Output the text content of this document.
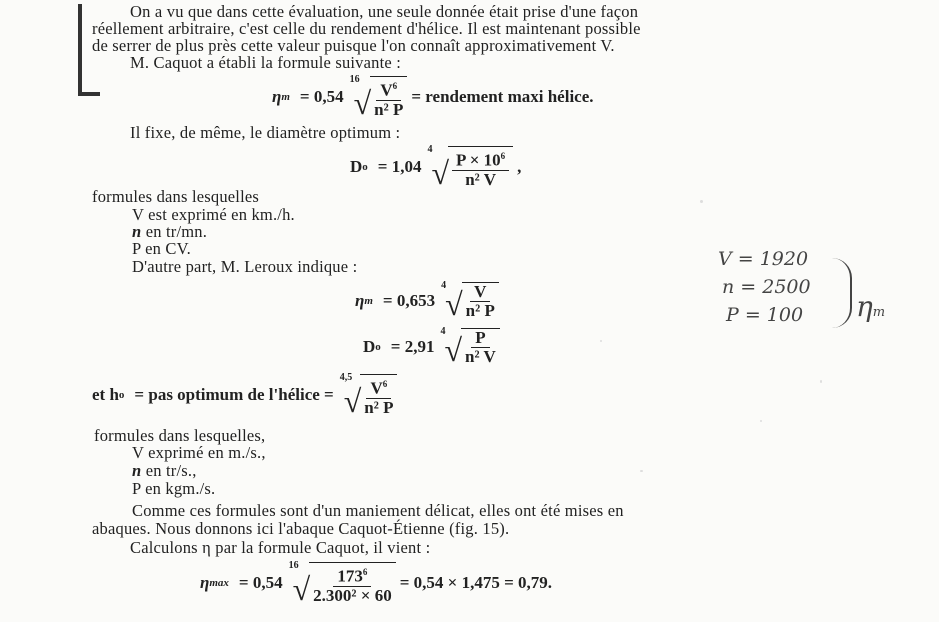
On a vu que dans cette évaluation, une seule donnée était prise d'une façon
réellement arbitraire, c'est celle du rendement d'hélice. Il est maintenant possible
de serrer de plus près cette valeur puisque l'on connaît approximativement V.
M. Caquot a établi la formule suivante :
η m = 0,54
16
√ $\frac{V^6}{\text{n² P}}$ = rendement maxi hélice.
Il fixe, de même, le diamètre optimum :
D o = 1,04
4
√ $\frac{P \times 10^6}{\text{n² V}}$ ,
formules dans lesquelles
V est exprimé en km./h.
n en tr/mn.
P en CV.
D'autre part, M. Leroux indique :
η m = 0,653
4
√ $\frac{V}{\text{n² P}}$
D o = 2,91
4
√ $\frac{P}{\text{n² V}}$
et h o = pas optimum de l'hélice =
4,5
√ $\frac{V^6}{\text{n² P}}$
formules dans lesquelles,
V exprimé en m./s.,
n en tr/s.,
P en kgm./s.
Comme ces formules sont d'un maniement délicat, elles ont été mises en
abaques. Nous donnons ici l'abaque Caquot-Étienne (fig. 15).
Calculons η par la formule Caquot, il vient :
η max = 0,54
16
√ $\frac{173^6}{\text{2.300² × 60}} = 0,54 \times 1,475 = 0,79$.
V = 1920
n = 2500
P = 100 ηm
